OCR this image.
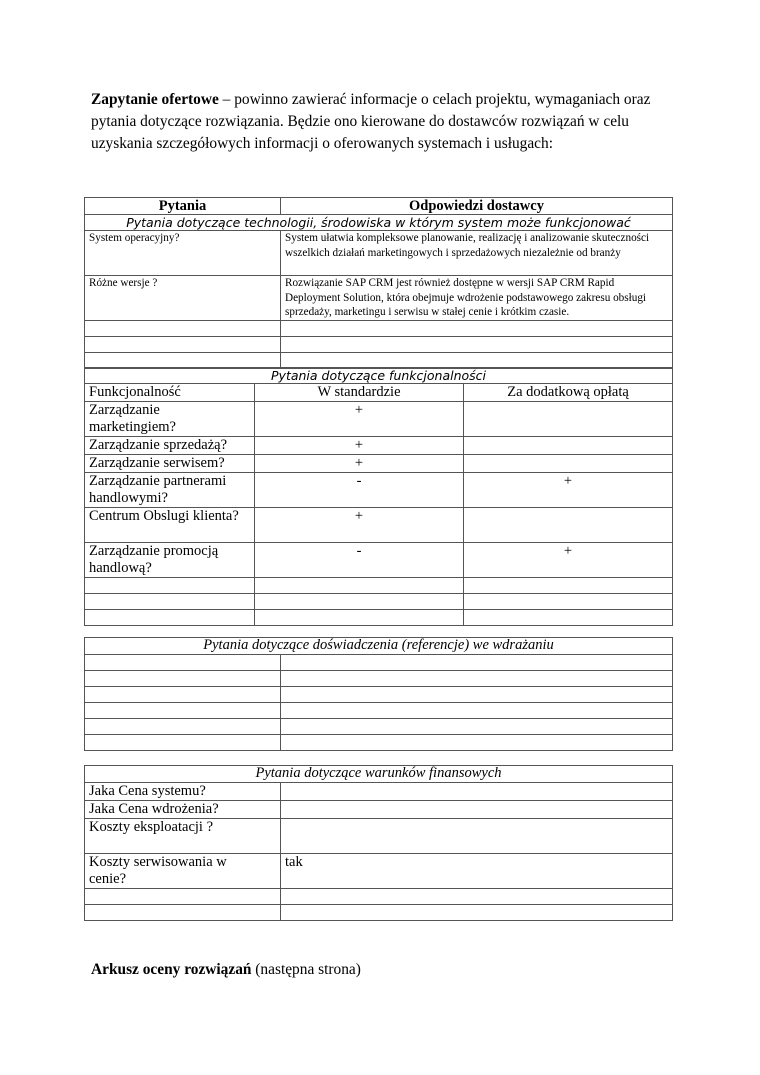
Zapytanie ofertowe – powinno zawierać informacje o celach projektu, wymaganiach oraz pytania dotyczące rozwiązania. Będzie ono kierowane do dostawców rozwiązań w celu uzyskania szczegółowych informacji o oferowanych systemach i usługach:
Pytania	Odpowiedzi dostawcy
Pytania dotyczące technologii, środowiska w którym system może funkcjonować	
System operacyjny?	System ułatwia kompleksowe planowanie, realizację i analizowanie skuteczności wszelkich działań marketingowych i sprzedażowych niezależnie od branży
Różne wersje ?	Rozwiązanie SAP CRM jest również dostępne w wersji SAP CRM Rapid Deployment Solution, która obejmuje wdrożenie podstawowego zakresu obsługi sprzedaży, marketingu i serwisu w stałej cenie i krótkim czasie.

Pytania dotyczące funkcjonalności		
Funkcjonalność	W standardzie	Za dodatkową opłatą
Zarządzanie marketingiem?	+	
Zarządzanie sprzedażą?	+	
Zarządzanie serwisem?	+	
Zarządzanie partnerami handlowymi?	-	+
Centrum Obslugi klienta?	+	
Zarządzanie promocją handlową?	-	+

Pytania dotyczące doświadczenia (referencje) we wdrażaniu	

Pytania dotyczące warunków finansowych	
Jaka Cena systemu?	
Jaka Cena wdrożenia?	

Koszty eksploatacji ?	

Koszty serwisowania w cenie?	tak

Arkusz oceny rozwiązań (następna strona)
